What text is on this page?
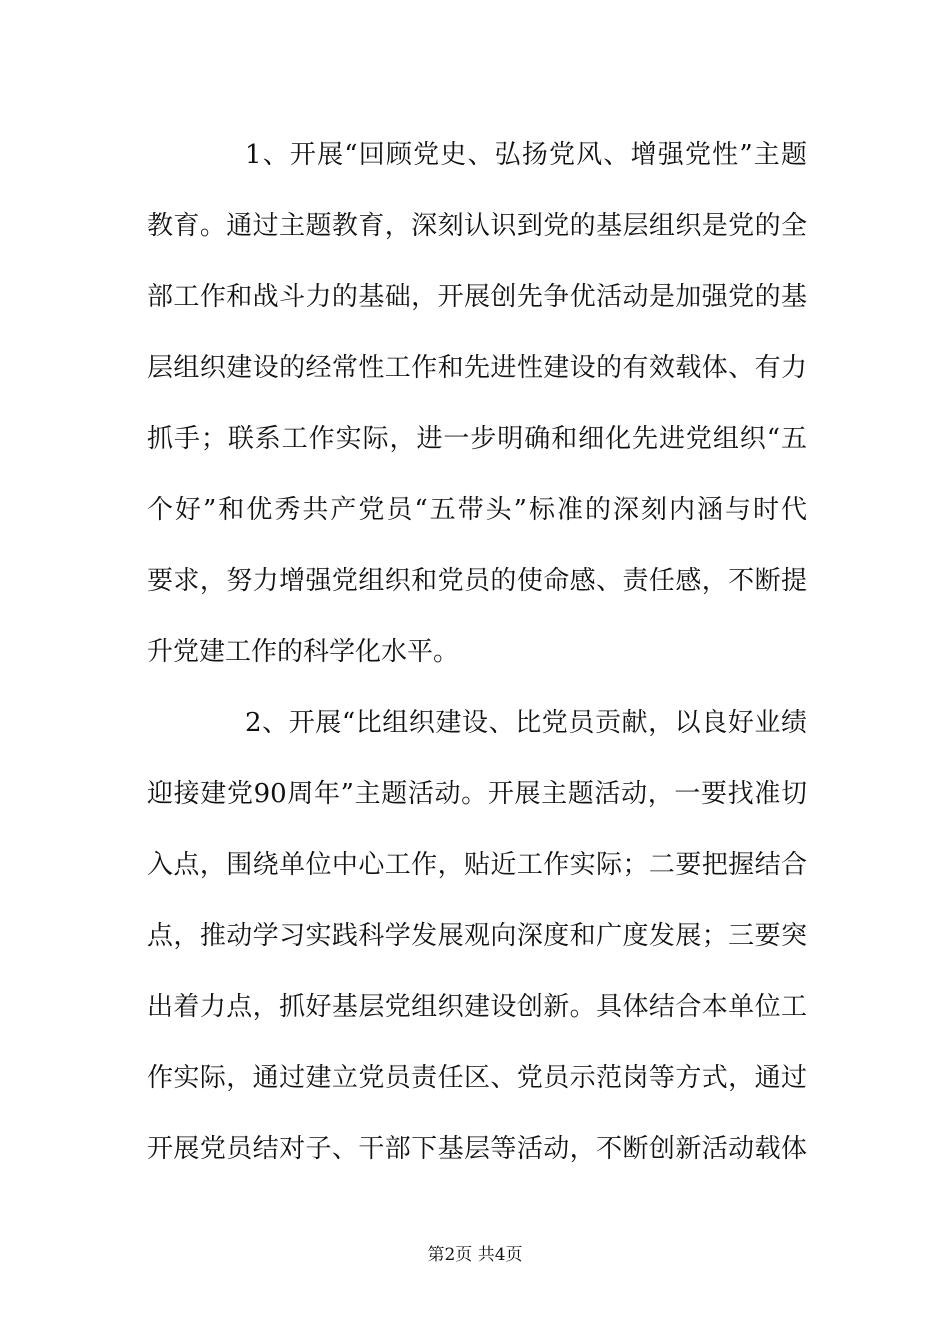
1、开展“回顾党史、弘扬党风、增强党性”主题
教育。通过主题教育，深刻认识到党的基层组织是党的全
部工作和战斗力的基础，开展创先争优活动是加强党的基
层组织建设的经常性工作和先进性建设的有效载体、有力
抓手；联系工作实际，进一步明确和细化先进党组织“五
个好”和优秀共产党员“五带头”标准的深刻内涵与时代
要求，努力增强党组织和党员的使命感、责任感，不断提
升党建工作的科学化水平。
2、开展“比组织建设、比党员贡献，以良好业绩
迎接建党90周年”主题活动。开展主题活动，一要找准切
入点，围绕单位中心工作，贴近工作实际；二要把握结合
点，推动学习实践科学发展观向深度和广度发展；三要突
出着力点，抓好基层党组织建设创新。具体结合本单位工
作实际，通过建立党员责任区、党员示范岗等方式，通过
开展党员结对子、干部下基层等活动，不断创新活动载体
第2页 共4页
